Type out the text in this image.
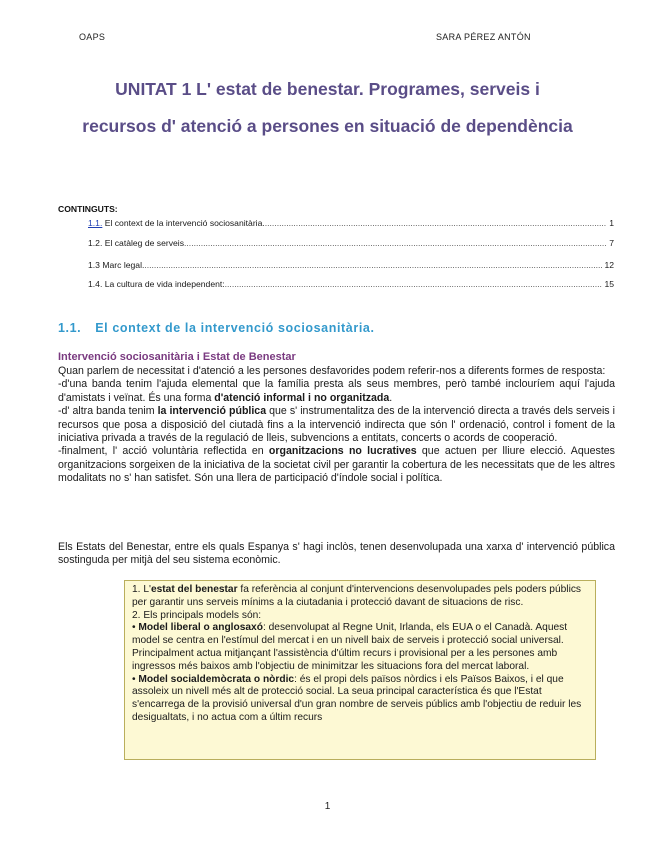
OAPS	SARA PÉREZ ANTÓN
UNITAT 1 L' estat de benestar. Programes, serveis i
recursos d' atenció a persones en situació de dependència
CONTINGUTS:
1.1. El context de la intervenció sociosanitària. .....	1
1.2. El catàleg de serveis .....	7
1.3 Marc legal. .....	12
1.4. La cultura de vida independent: .....	15
1.1. El context de la intervenció sociosanitària.
Intervenció sociosanitària i Estat de Benestar

Quan parlem de necessitat i d'atenció a les persones desfavorides podem referir-nos a diferents formes de resposta:

-d'una banda tenim l'ajuda elemental que la família presta als seus membres, però també inclouríem aquí l'ajuda d'amistats i veïnat. És una forma d'atenció informal i no organitzada.

-d' altra banda tenim la intervenció pública que s' instrumentalitza des de la intervenció directa a través dels serveis i recursos que posa a disposició del ciutadà fins a la intervenció indirecta que són l' ordenació, control i foment de la iniciativa privada a través de la regulació de lleis, subvencions a entitats, concerts o acords de cooperació.

-finalment, l' acció voluntària reflectida en organitzacions no lucratives que actuen per lliure elecció. Aquestes organitzacions sorgeixen de la iniciativa de la societat civil per garantir la cobertura de les necessitats que de les altres modalitats no s' han satisfet. Són una llera de participació d'índole social i política.

Els Estats del Benestar, entre els quals Espanya s' hagi inclòs, tenen desenvolupada una xarxa d' intervenció pública sostinguda per mitjà del seu sistema econòmic.

1. L'estat del benestar fa referència al conjunt d'intervencions desenvolupades pels poders públics per garantir uns serveis mínims a la ciutadania i protecció davant de situacions de risc.

2. Els principals models són:

• Model liberal o anglosaxó: desenvolupat al Regne Unit, Irlanda, els EUA o el Canadà. Aquest model se centra en l'estímul del mercat i en un nivell baix de serveis i protecció social universal. Principalment actua mitjançant l'assistència d'últim recurs i provisional per a les persones amb ingressos més baixos amb l'objectiu de minimitzar les situacions fora del mercat laboral.

• Model socialdemòcrata o nòrdic: és el propi dels països nòrdics i els Països Baixos, i el que assoleix un nivell més alt de protecció social. La seua principal característica és que l'Estat s'encarrega de la provisió universal d'un gran nombre de serveis públics amb l'objectiu de reduir les desigualtats, i no actua com a últim recurs

1
